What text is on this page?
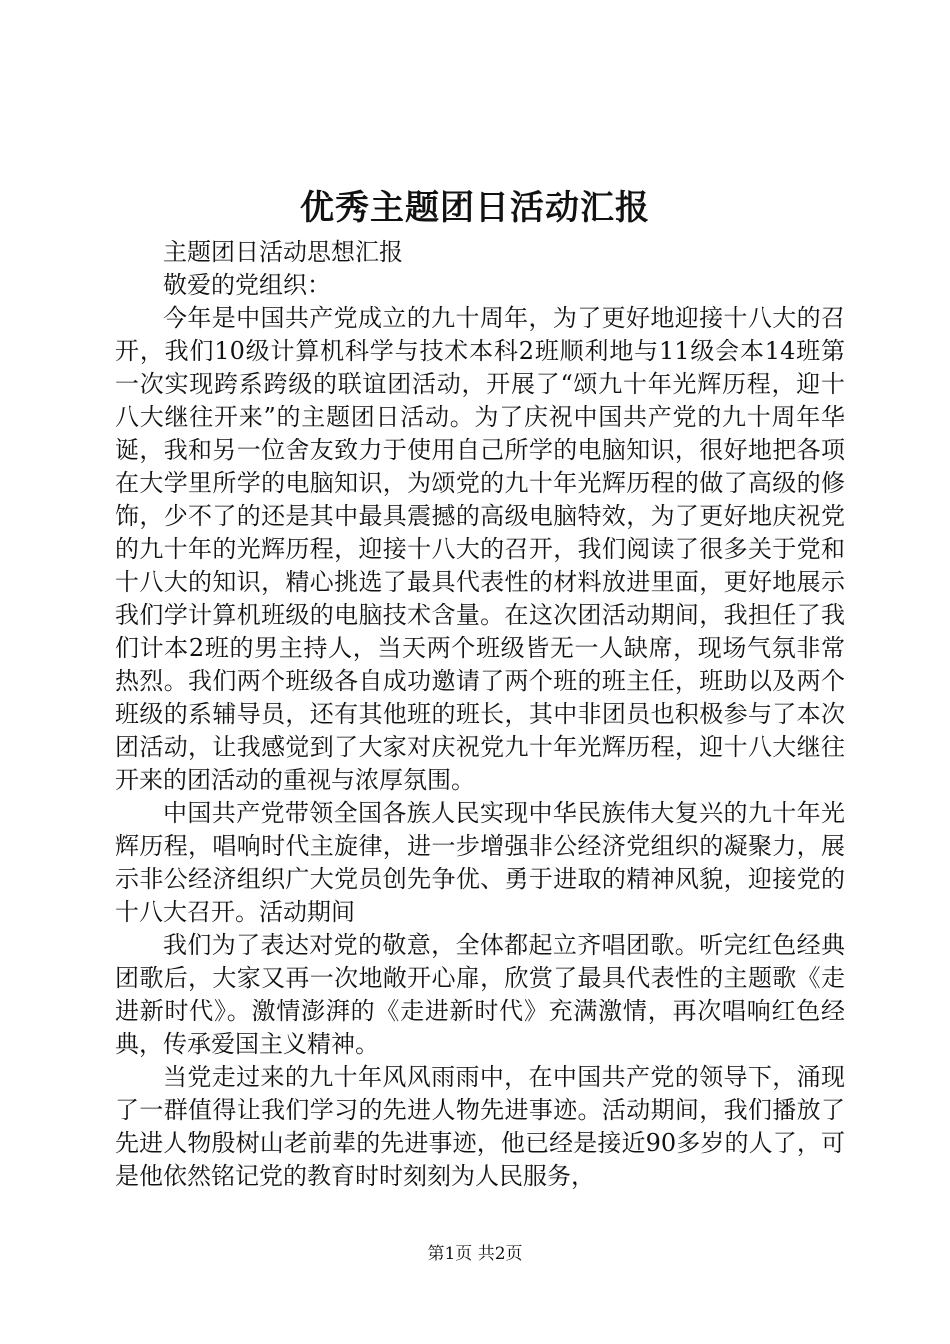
优秀主题团日活动汇报

主题团日活动思想汇报

敬爱的党组织：

今年是中国共产党成立的九十周年，为了更好地迎接十八大的召开，我们10级计算机科学与技术本科2班顺利地与11级会本14班第一次实现跨系跨级的联谊团活动，开展了“颂九十年光辉历程，迎十八大继往开来”的主题团日活动。为了庆祝中国共产党的九十周年华诞，我和另一位舍友致力于使用自己所学的电脑知识，很好地把各项在大学里所学的电脑知识，为颂党的九十年光辉历程的做了高级的修饰，少不了的还是其中最具震撼的高级电脑特效，为了更好地庆祝党的九十年的光辉历程，迎接十八大的召开，我们阅读了很多关于党和十八大的知识，精心挑选了最具代表性的材料放进里面，更好地展示我们学计算机班级的电脑技术含量。在这次团活动期间，我担任了我们计本2班的男主持人，当天两个班级皆无一人缺席，现场气氛非常热烈。我们两个班级各自成功邀请了两个班的班主任，班助以及两个班级的系辅导员，还有其他班的班长，其中非团员也积极参与了本次团活动，让我感觉到了大家对庆祝党九十年光辉历程，迎十八大继往开来的团活动的重视与浓厚氛围。

中国共产党带领全国各族人民实现中华民族伟大复兴的九十年光辉历程，唱响时代主旋律，进一步增强非公经济党组织的凝聚力，展示非公经济组织广大党员创先争优、勇于进取的精神风貌，迎接党的十八大召开。活动期间

我们为了表达对党的敬意，全体都起立齐唱团歌。听完红色经典团歌后，大家又再一次地敞开心扉，欣赏了最具代表性的主题歌《走进新时代》。激情澎湃的《走进新时代》充满激情，再次唱响红色经典，传承爱国主义精神。

当党走过来的九十年风风雨雨中，在中国共产党的领导下，涌现了一群值得让我们学习的先进人物先进事迹。活动期间，我们播放了先进人物殷树山老前辈的先进事迹，他已经是接近90多岁的人了，可是他依然铭记党的教育时时刻刻为人民服务，

第1页 共2页
